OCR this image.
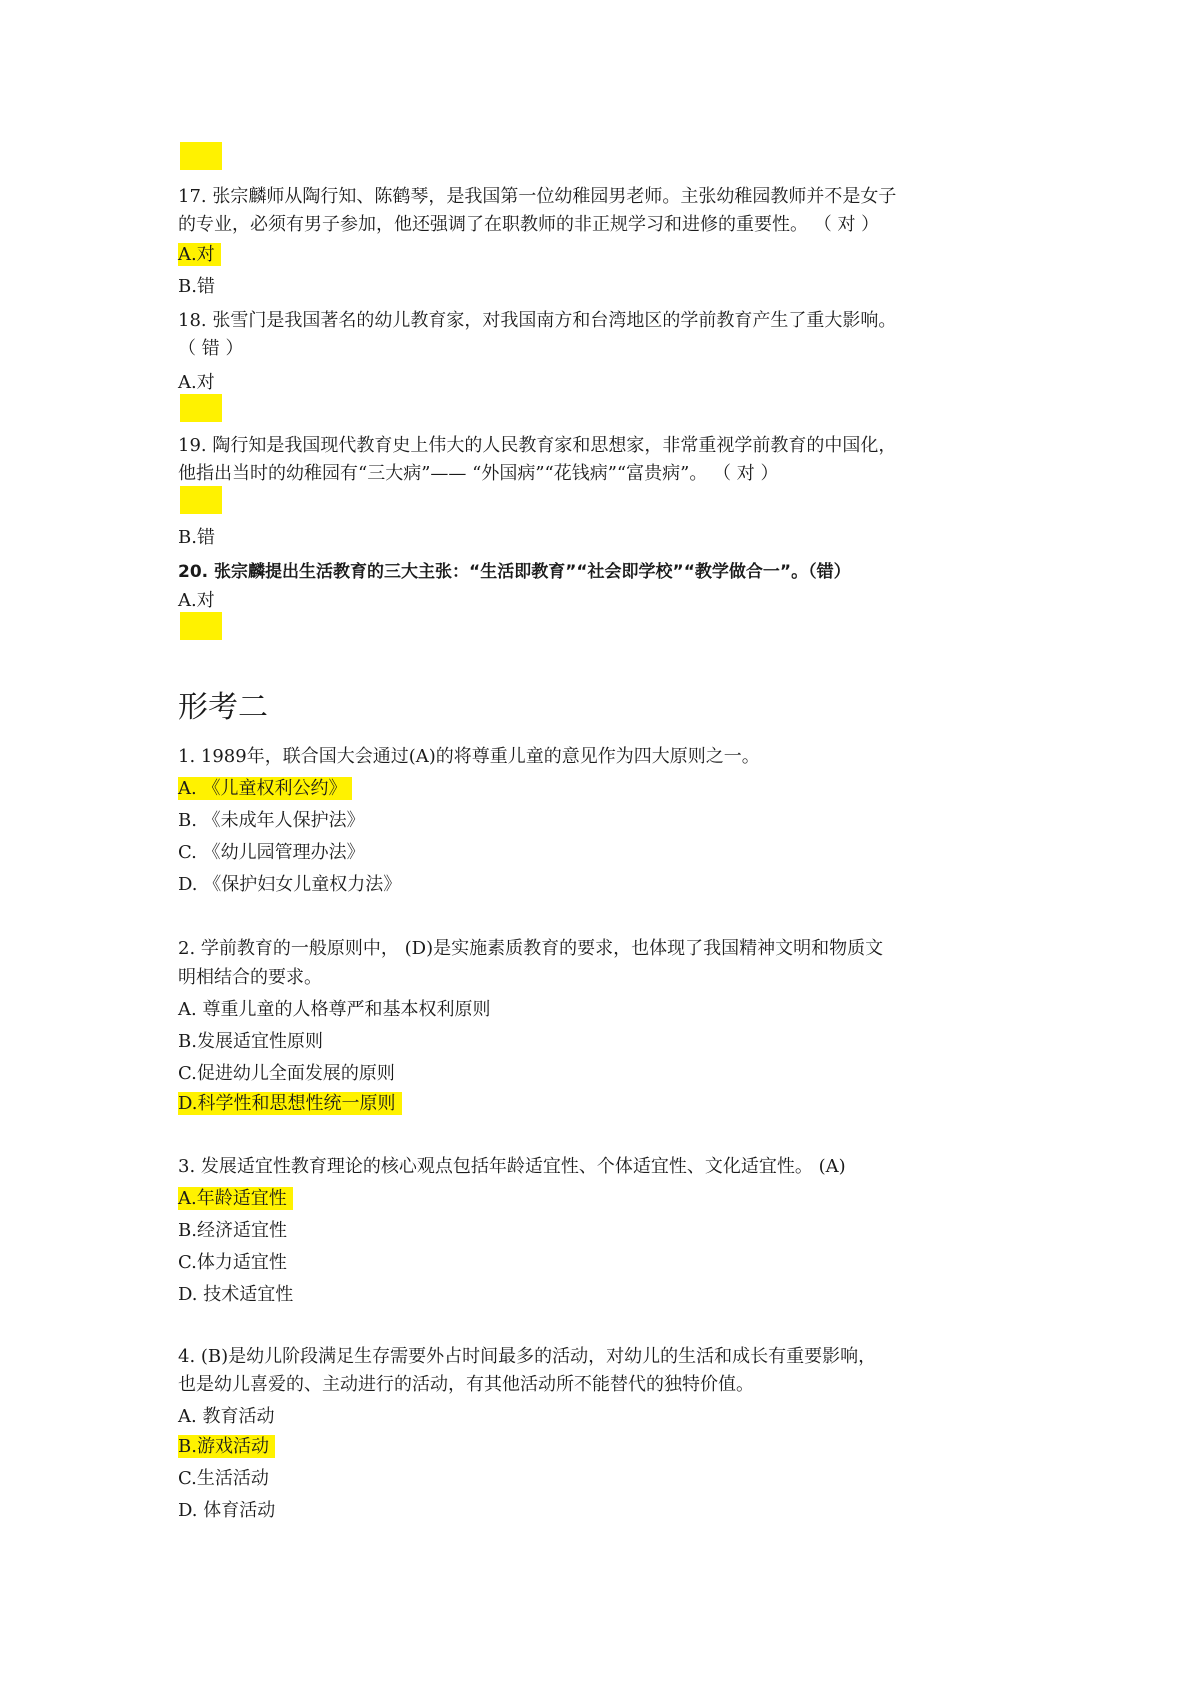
17. 张宗麟师从陶行知、陈鹤琴，是我国第一位幼稚园男老师。主张幼稚园教师并不是女子
的专业，必须有男子参加，他还强调了在职教师的非正规学习和进修的重要性。 （ 对 ）
A.对
B.错
18. 张雪门是我国著名的幼儿教育家，对我国南方和台湾地区的学前教育产生了重大影响。
（ 错 ）
A.对
19. 陶行知是我国现代教育史上伟大的人民教育家和思想家，非常重视学前教育的中国化，
他指出当时的幼稚园有“三大病”—— “外国病”“花钱病”“富贵病”。 （ 对 ）
B.错
20. 张宗麟提出生活教育的三大主张：“生活即教育”“社会即学校”“教学做合一”。（错）
A.对
形考二
1. 1989年，联合国大会通过(A)的将尊重儿童的意见作为四大原则之一。
A. 《儿童权利公约》
B. 《未成年人保护法》
C. 《幼儿园管理办法》
D. 《保护妇女儿童权力法》
2. 学前教育的一般原则中， (D)是实施素质教育的要求，也体现了我国精神文明和物质文
明相结合的要求。
A. 尊重儿童的人格尊严和基本权利原则
B.发展适宜性原则
C.促进幼儿全面发展的原则
D.科学性和思想性统一原则
3. 发展适宜性教育理论的核心观点包括年龄适宜性、个体适宜性、文化适宜性。 (A)
A.年龄适宜性
B.经济适宜性
C.体力适宜性
D. 技术适宜性
4. (B)是幼儿阶段满足生存需要外占时间最多的活动，对幼儿的生活和成长有重要影响，
也是幼儿喜爱的、主动进行的活动，有其他活动所不能替代的独特价值。
A. 教育活动
B.游戏活动
C.生活活动
D. 体育活动
